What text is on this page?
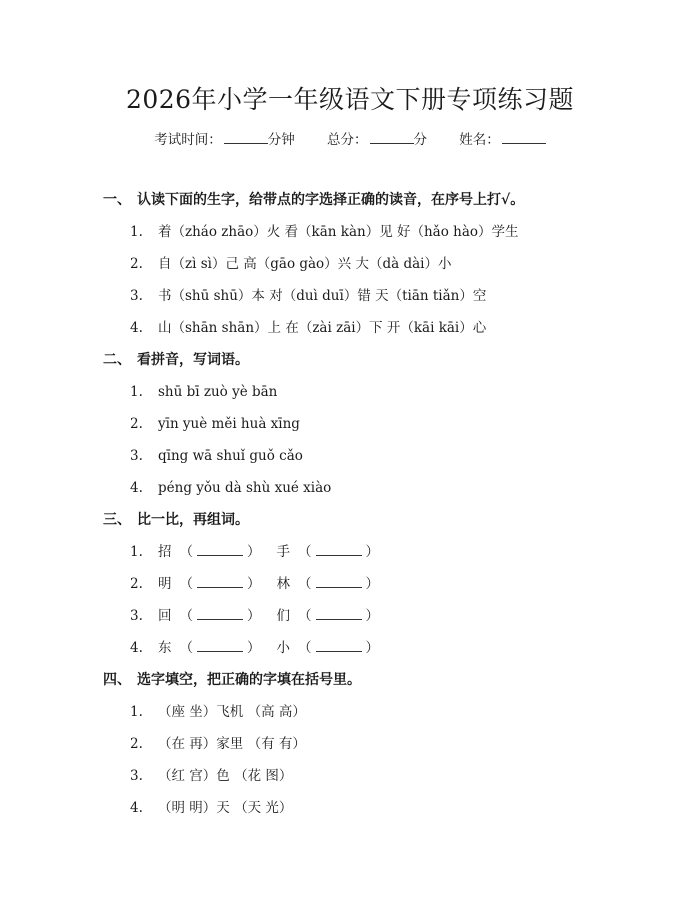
2026年小学一年级语文下册专项练习题
考试时间：	分钟 总分：	分 姓名：
一、 认读下面的生字，给带点的字选择正确的读音，在序号上打√。
1. 着（zháo zhāo）火 看（kān kàn）见 好（hǎo hào）学生
2. 自（zì sì）己 高（gāo gào）兴 大（dà dài）小
3. 书（shū shū）本 对（duì duī）错 天（tiān tiǎn）空
4. 山（shān shān）上 在（zài zāi）下 开（kāi kāi）心
二、 看拼音，写词语。
1. shū bī zuò yè bān
2. yīn yuè měi huà xīng
3. qīng wā shuǐ guǒ cǎo
4. péng yǒu dà shù xué xiào
三、 比一比，再组词。
1. 招 （	） 手 （	）
2. 明 （	） 林 （	）
3. 回 （	） 们 （	）
4. 东 （	） 小 （	）
四、 选字填空，把正确的字填在括号里。
1. （座 坐）飞机 （高 高）
2. （在 再）家里 （有 有）
3. （红 宫）色 （花 图）
4. （明 明）天 （天 光）
